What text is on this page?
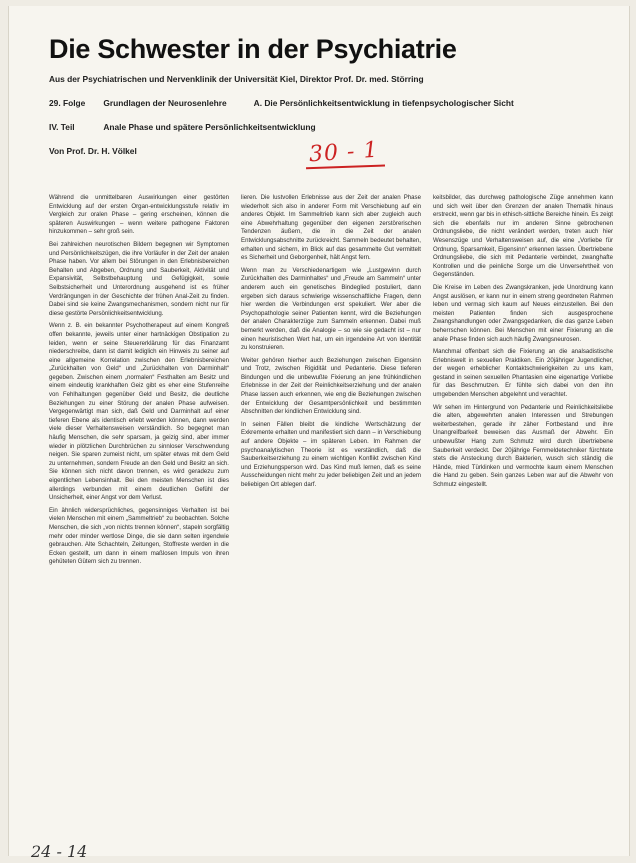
Die Schwester in der Psychiatrie
Aus der Psychiatrischen und Nervenklinik der Universität Kiel, Direktor Prof. Dr. med. Störring
29. Folge Grundlagen der Neurosenlehre	A. Die Persönlichkeitsentwicklung in tiefenpsychologischer Sicht
IV. Teil	Anale Phase und spätere Persönlichkeitsentwicklung
Von Prof. Dr. H. Völkel	30 - 1

Während die unmittelbaren Auswirkungen einer gestörten Entwicklung auf der ersten Organ-entwicklungsstufe relativ im Vergleich zur oralen Phase – gering erscheinen, können die späteren Auswirkungen – wenn weitere pathogene Faktoren hinzukommen – sehr groß sein.

Bei zahlreichen neurotischen Bildern begegnen wir Symptomen und Persönlichkeitszügen, die ihre Vorläufer in der Zeit der analen Phase haben. Vor allem bei Störungen in den Erlebnisbereichen Behalten und Abgeben, Ordnung und Sauberkeit, Aktivität und Expansivität, Selbstbehauptung und Gefügigkeit, sowie Selbstsicherheit und Unterordnung ausgehend ist es früher Verdrängungen in der Geschichte der frühen Anal-Zeit zu finden. Dabei sind sie keine Zwangsmechanismen, sondern nicht nur für diese gestörte Persönlichkeitsentwicklung.

Wenn z. B. ein bekannter Psychotherapeut auf einem Kongreß offen bekannte, jeweils unter einer hartnäckigen Obstipation zu leiden, wenn er seine Steuererklärung für das Finanzamt niederschreibe, dann ist damit lediglich ein Hinweis zu seiner auf eine allgemeine Korrelation zwischen den Erlebnisbereichen „Zurückhalten von Geld“ und „Zurückhalten von Darminhalt“ gegeben. Zwischen einem „normalen“ Festhalten am Besitz und einem eindeutig krankhaften Geiz gibt es eher eine Stufenreihe von Fehlhaltungen gegenüber Geld und Besitz, die deutliche Beziehungen zu einer Störung der analen Phase aufweisen. Vergegenwärtigt man sich, daß Geld und Darminhalt auf einer tieferen Ebene als identisch erlebt werden können, dann werden viele dieser Verhaltensweisen verständlich. So begegnet man häufig Menschen, die sehr sparsam, ja geizig sind, aber immer wieder in plötzlichen Durchbrüchen zu sinnloser Verschwendung neigen. Sie sparen zumeist nicht, um später etwas mit dem Geld zu unternehmen, sondern Freude an den Geld und Besitz an sich. Sie können sich nicht davon trennen, es wird geradezu zum eigentlichen Lebensinhalt. Bei den meisten Menschen ist dies allerdings verbunden mit einem deutlichen Gefühl der Unsicherheit, einer Angst vor dem Verlust.

Ein ähnlich widersprüchliches, gegensinniges Verhalten ist bei vielen Menschen mit einem „Sammeltrieb“ zu beobachten. Solche Menschen, die sich „von nichts trennen können“, stapeln sorgfältig mehr oder minder wertlose Dinge, die sie dann selten irgendwie gebrauchen. Alte Schachteln, Zeitungen, Stoffreste werden in die Ecken gestellt, um dann in einem maßlosen Impuls von ihren gehüteten Gütern sich zu trennen.

lieren. Die lustvollen Erlebnisse aus der Zeit der analen Phase wiederholt sich also in anderer Form mit Verschiebung auf ein anderes Objekt. Im Sammeltrieb kann sich aber zugleich auch eine Abwehrhaltung gegenüber den eigenen zerstörerischen Tendenzen äußern, die in die Zeit der analen Entwicklungsabschnitte zurückreicht. Sammeln bedeutet behalten, erhalten und sichern, im Blick auf das gesammelte Gut vermittelt es Sicherheit und Geborgenheit, hält Angst fern.

Wenn man zu Verschiedenartigem wie „Lustgewinn durch Zurückhalten des Darminhaltes“ und „Freude am Sammeln“ unter anderem auch ein genetisches Bindeglied postuliert, dann ergeben sich daraus schwierige wissenschaftliche Fragen, denn hier werden die Verbindungen erst spekuliert. Wer aber die Psychopathologie seiner Patienten kennt, wird die Beziehungen der analen Charakterzüge zum Sammeln erkennen. Dabei muß bemerkt werden, daß die Analogie – so wie sie gedacht ist – nur einen heuristischen Wert hat, um ein irgendeine Art von Identität zu konstruieren.

Weiter gehören hierher auch Beziehungen zwischen Eigensinn und Trotz, zwischen Rigidität und Pedanterie. Diese tieferen Bindungen und die unbewußte Fixierung an jene frühkindlichen Erlebnisse in der Zeit der Reinlichkeitserziehung und der analen Phase lassen auch erkennen, wie eng die Beziehungen zwischen der Entwicklung der Gesamtpersönlichkeit und bestimmten Abschnitten der kindlichen Entwicklung sind.

In seinen Fällen bleibt die kindliche Wertschätzung der Exkremente erhalten und manifestiert sich dann – in Verschiebung auf andere Objekte – im späteren Leben. Im Rahmen der psychoanalytischen Theorie ist es verständlich, daß die Sauberkeitserziehung zu einem wichtigen Konflikt zwischen Kind und Erziehungsperson wird. Das Kind muß lernen, daß es seine Ausscheidungen nicht mehr zu jeder beliebigen Zeit und an jedem beliebigen Ort ablegen darf.

keitsbilder, das durchweg pathologische Züge annehmen kann und sich weit über den Grenzen der analen Thematik hinaus erstreckt, wenn gar bis in ethisch-sittliche Bereiche hinein. Es zeigt sich die ebenfalls nur im anderen Sinne gebrochenen Ordnungsliebe, die nicht verändert werden, treten auch hier Wesenszüge und Verhaltensweisen auf, die eine „Vorliebe für Ordnung, Sparsamkeit, Eigensinn“ erkennen lassen. Übertriebene Ordnungsliebe, die sich mit Pedanterie verbindet, zwanghafte Kontrollen und die peinliche Sorge um die Unversehrtheit von Gegenständen.

Die Kreise im Leben des Zwangskranken, jede Unordnung kann Angst auslösen, er kann nur in einem streng geordneten Rahmen leben und vermag sich kaum auf Neues einzustellen. Bei den meisten Patienten finden sich ausgesprochene Zwangshandlungen oder Zwangsgedanken, die das ganze Leben beherrschen können. Bei Menschen mit einer Fixierung an die anale Phase finden sich auch häufig Zwangsneurosen.

Manchmal offenbart sich die Fixierung an die analsadistische Erlebniswelt in sexuellen Praktiken. Ein 20jähriger Jugendlicher, der wegen erheblicher Kontaktschwierigkeiten zu uns kam, gestand in seinen sexuellen Phantasien eine eigenartige Vorliebe für das Beschmutzen. Er fühlte sich dabei von den ihn umgebenden Menschen abgelehnt und verachtet.

Wir sehen im Hintergrund von Pedanterie und Reinlichkeitsliebe die alten, abgewehrten analen Interessen und Strebungen weiterbestehen, gerade ihr zäher Fortbestand und ihre Unangreifbarkeit beweisen das Ausmaß der Abwehr. Ein unbewußter Hang zum Schmutz wird durch übertriebene Sauberkeit verdeckt. Der 20jährige Fernmeldetechniker fürchtete stets die Ansteckung durch Bakterien, wusch sich ständig die Hände, mied Türklinken und vermochte kaum einem Menschen die Hand zu geben. Sein ganzes Leben war auf die Abwehr von Schmutz eingestellt.

24 - 14
